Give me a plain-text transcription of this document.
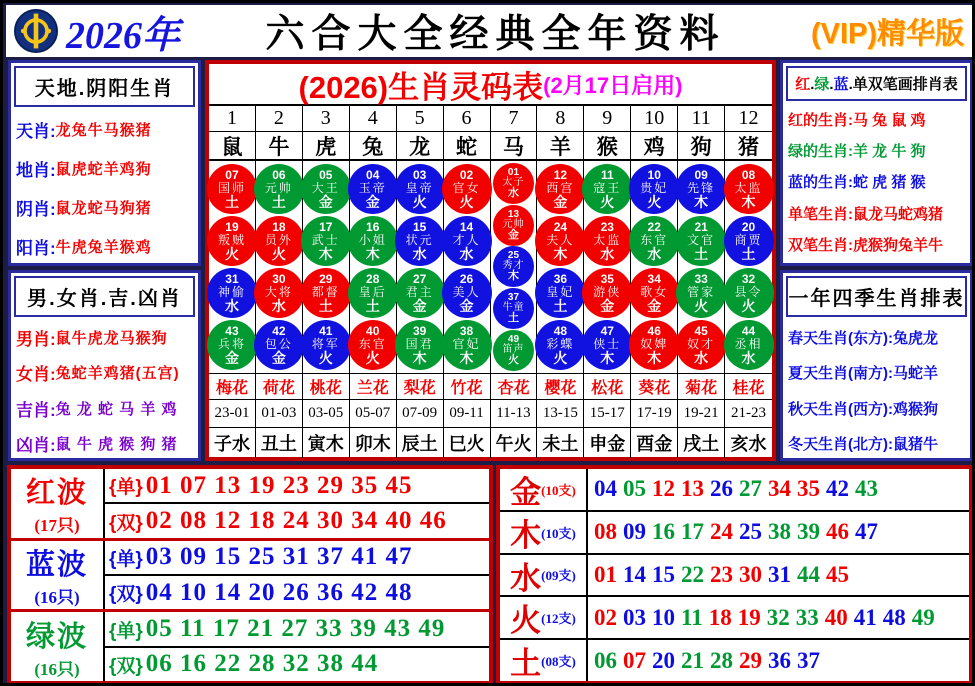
2026年	六合大全经典全年资料	(VIP)精华版
天地.阴阳生肖
天肖: 龙兔牛马猴猪
地肖: 鼠虎蛇羊鸡狗
阴肖: 鼠龙蛇马狗猪
阳肖: 牛虎兔羊猴鸡
男.女肖.吉.凶肖
男肖: 鼠牛虎龙马猴狗
女肖: 兔蛇羊鸡猪(五宫)
吉肖: 兔 龙 蛇 马 羊 鸡
凶肖: 鼠 牛 虎 猴 狗 猪
(2026)生肖灵码表 (2月17日启用)
1
鼠
07
国师
土
19
叛贼
火
31
神偷
水
43
兵将
金
梅花
23-01
子水
2
牛
06
元帅
土
18
员外
火
30
大将
水
42
包公
金
荷花
01-03
丑土
3
虎
05
大王
金
17
武士
木
29
都督
土
41
将军
火
桃花
03-05
寅木
4
兔
04
玉帝
金
16
小姐
木
28
皇后
土
40
东官
火
兰花
05-07
卯木
5
龙
03
皇帝
火
15
状元
水
27
君主
金
39
国君
木
梨花
07-09
辰土
6
蛇
02
官女
火
14
才人
水
26
美人
金
38
官妃
木
竹花
09-11
巳火
7
马
01
太子
水
13
元帅
金
25
秀才
木
37
牛童
土
49
笛声
火
杏花
11-13
午火
8
羊
12
西宫
金
24
夫人
木
36
皇妃
土
48
彩蝶
火
樱花
13-15
未土
9
猴
11
寇王
火
23
太监
水
35
游侠
金
47
侠士
木
松花
15-17
申金
10
鸡
10
贵妃
火
22
东官
水
34
歌女
金
46
奴婢
木
葵花
17-19
酉金
11
狗
09
先锋
木
21
文官
土
33
管家
火
45
奴才
水
菊花
19-21
戌土
12
猪
08
太监
木
20
商贾
土
32
县令
火
44
丞相
水
桂花
21-23
亥水
红.绿.蓝.单双笔画排肖表
红的生肖:马 兔 鼠 鸡
绿的生肖:羊 龙 牛 狗
蓝的生肖:蛇 虎 猪 猴
单笔生肖:鼠龙马蛇鸡猪
双笔生肖:虎猴狗兔羊牛
一年四季生肖排表
春天生肖(东方):兔虎龙
夏天生肖(南方):马蛇羊
秋天生肖(西方):鸡猴狗
冬天生肖(北方):鼠猪牛
红波
(17只)
{单} 01 07 13 19 23 29 35 45
{双} 02 08 12 18 24 30 34 40 46
蓝波
(16只)
{单} 03 09 15 25 31 37 41 47
{双} 04 10 14 20 26 36 42 48
绿波
(16只)
{单} 05 11 17 21 27 33 39 43 49
{双} 06 16 22 28 32 38 44
金 (10支) 04 05 12 13 26 27 34 35 42 43
木 (10支) 08 09 16 17 24 25 38 39 46 47
水 (09支) 01 14 15 22 23 30 31 44 45
火 (12支) 02 03 10 11 18 19 32 33 40 41 48 49
土 (08支) 06 07 20 21 28 29 36 37
